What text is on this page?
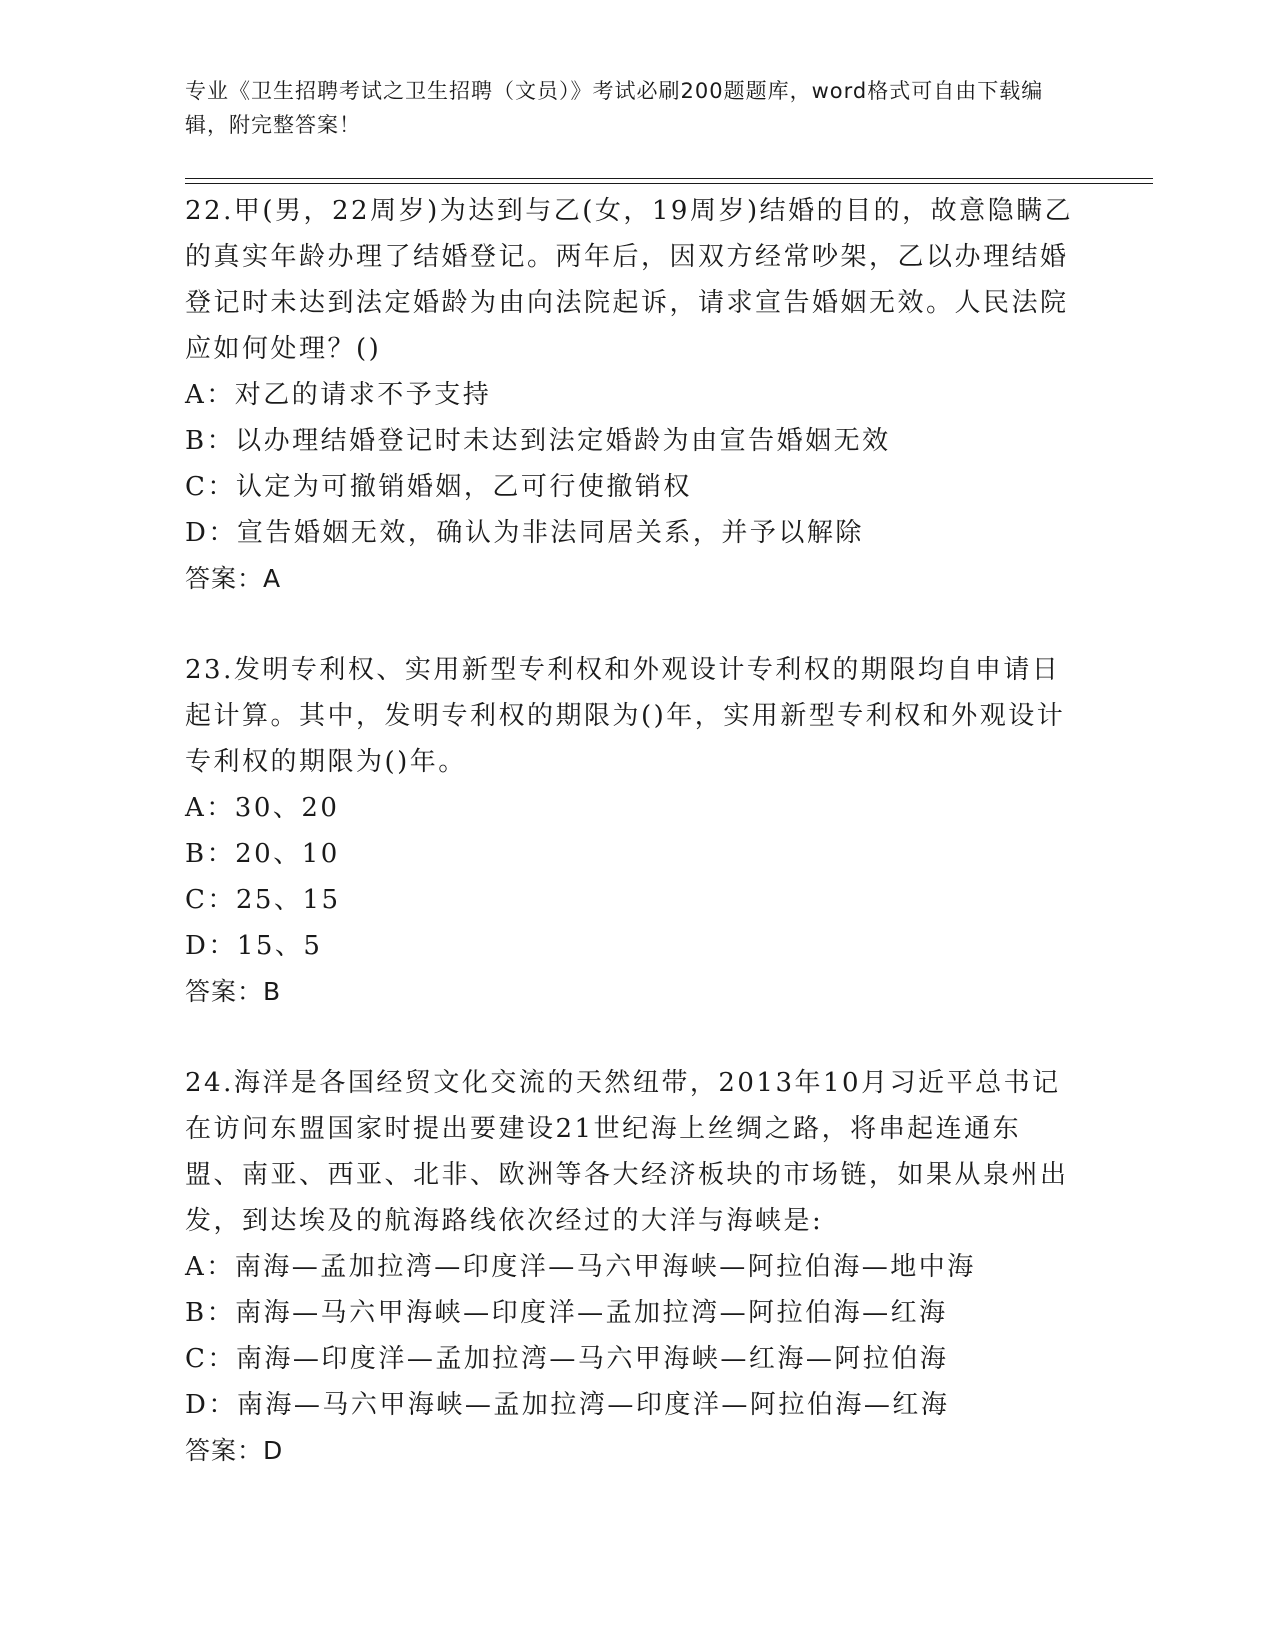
专业《卫生招聘考试之卫生招聘（文员）》考试必刷200题题库，word格式可自由下载编辑，附完整答案！

22.甲(男，22周岁)为达到与乙(女，19周岁)结婚的目的，故意隐瞒乙的真实年龄办理了结婚登记。两年后，因双方经常吵架，乙以办理结婚登记时未达到法定婚龄为由向法院起诉，请求宣告婚姻无效。人民法院应如何处理？()

A：对乙的请求不予支持

B：以办理结婚登记时未达到法定婚龄为由宣告婚姻无效

C：认定为可撤销婚姻，乙可行使撤销权

D：宣告婚姻无效，确认为非法同居关系，并予以解除

答案：A

23.发明专利权、实用新型专利权和外观设计专利权的期限均自申请日起计算。其中，发明专利权的期限为()年，实用新型专利权和外观设计专利权的期限为()年。

A：30、20

B：20、10

C：25、15

D：15、5

答案：B

24.海洋是各国经贸文化交流的天然纽带，2013年10月习近平总书记在访问东盟国家时提出要建设21世纪海上丝绸之路，将串起连通东盟、南亚、西亚、北非、欧洲等各大经济板块的市场链，如果从泉州出发，到达埃及的航海路线依次经过的大洋与海峡是:

A：南海—孟加拉湾—印度洋—马六甲海峡—阿拉伯海—地中海

B：南海—马六甲海峡—印度洋—孟加拉湾—阿拉伯海—红海

C：南海—印度洋—孟加拉湾—马六甲海峡—红海—阿拉伯海

D：南海—马六甲海峡—孟加拉湾—印度洋—阿拉伯海—红海

答案：D
